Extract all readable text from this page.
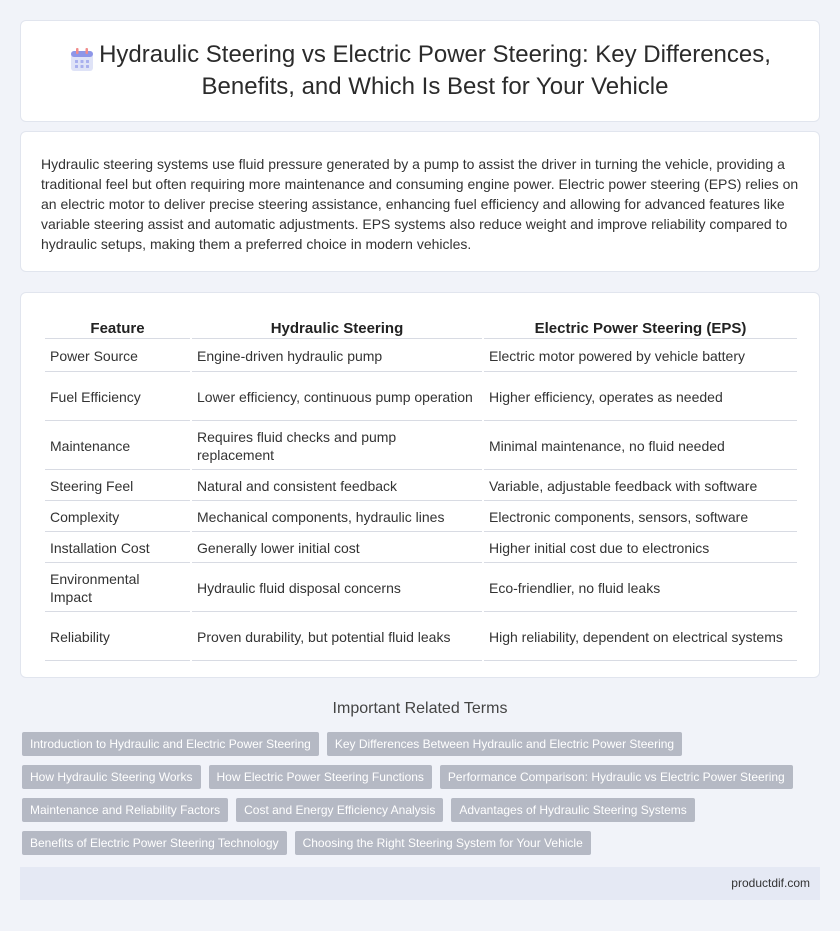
Hydraulic Steering vs Electric Power Steering: Key Differences, Benefits, and Which Is Best for Your Vehicle

Hydraulic steering systems use fluid pressure generated by a pump to assist the driver in turning the vehicle, providing a traditional feel but often requiring more maintenance and consuming engine power. Electric power steering (EPS) relies on an electric motor to deliver precise steering assistance, enhancing fuel efficiency and allowing for advanced features like variable steering assist and automatic adjustments. EPS systems also reduce weight and improve reliability compared to hydraulic setups, making them a preferred choice in modern vehicles.

Feature	Hydraulic Steering	Electric Power Steering (EPS)
Power Source	Engine-driven hydraulic pump	Electric motor powered by vehicle battery
Fuel Efficiency	Lower efficiency, continuous pump operation	Higher efficiency, operates as needed
Maintenance	Requires fluid checks and pump replacement	Minimal maintenance, no fluid needed
Steering Feel	Natural and consistent feedback	Variable, adjustable feedback with software
Complexity	Mechanical components, hydraulic lines	Electronic components, sensors, software
Installation Cost	Generally lower initial cost	Higher initial cost due to electronics
Environmental Impact	Hydraulic fluid disposal concerns	Eco-friendlier, no fluid leaks
Reliability	Proven durability, but potential fluid leaks	High reliability, dependent on electrical systems
Important Related Terms
Introduction to Hydraulic and Electric Power Steering	Key Differences Between Hydraulic and Electric Power Steering
How Hydraulic Steering Works	How Electric Power Steering Functions	Performance Comparison: Hydraulic vs Electric Power Steering
Maintenance and Reliability Factors	Cost and Energy Efficiency Analysis	Advantages of Hydraulic Steering Systems
Benefits of Electric Power Steering Technology	Choosing the Right Steering System for Your Vehicle
productdif.com
